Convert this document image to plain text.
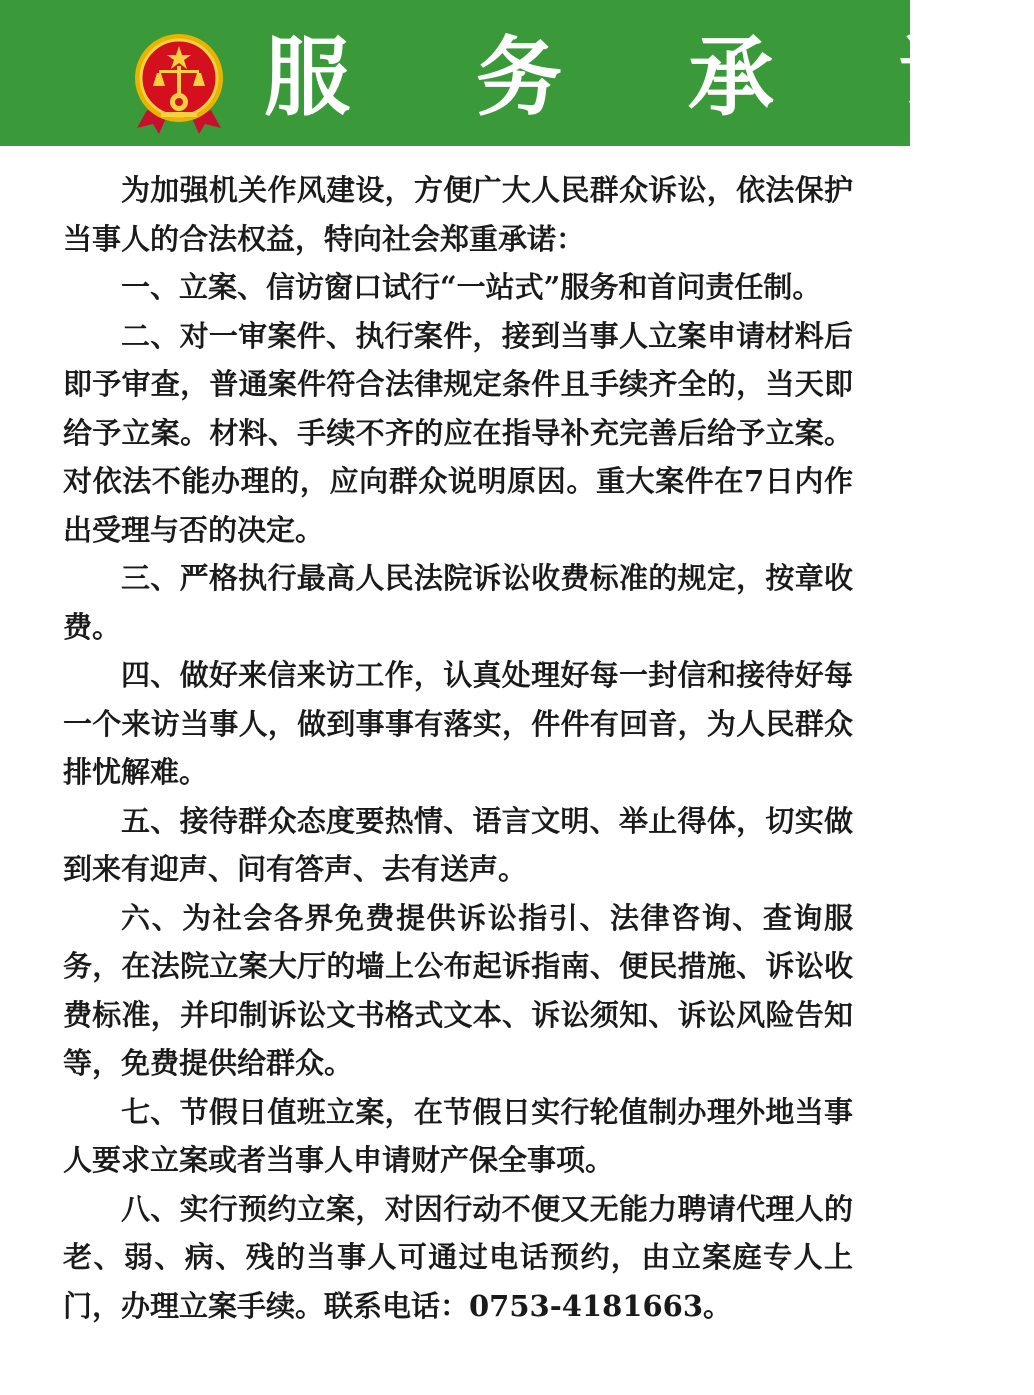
服 务 承 诺

为加强机关作风建设，方便广大人民群众诉讼，依法保护当事人的合法权益，特向社会郑重承诺：

一、立案、信访窗口试行“一站式”服务和首问责任制。

二、对一审案件、执行案件，接到当事人立案申请材料后即予审查，普通案件符合法律规定条件且手续齐全的，当天即给予立案。材料、手续不齐的应在指导补充完善后给予立案。对依法不能办理的，应向群众说明原因。重大案件在7日内作出受理与否的决定。

三、严格执行最高人民法院诉讼收费标准的规定，按章收费。

四、做好来信来访工作，认真处理好每一封信和接待好每一个来访当事人，做到事事有落实，件件有回音，为人民群众排忧解难。

五、接待群众态度要热情、语言文明、举止得体，切实做到来有迎声、问有答声、去有送声。

六、为社会各界免费提供诉讼指引、法律咨询、查询服务，在法院立案大厅的墙上公布起诉指南、便民措施、诉讼收费标准，并印制诉讼文书格式文本、诉讼须知、诉讼风险告知等，免费提供给群众。

七、节假日值班立案，在节假日实行轮值制办理外地当事人要求立案或者当事人申请财产保全事项。

八、实行预约立案，对因行动不便又无能力聘请代理人的老、弱、病、残的当事人可通过电话预约，由立案庭专人上门，办理立案手续。联系电话：0753-4181663。
